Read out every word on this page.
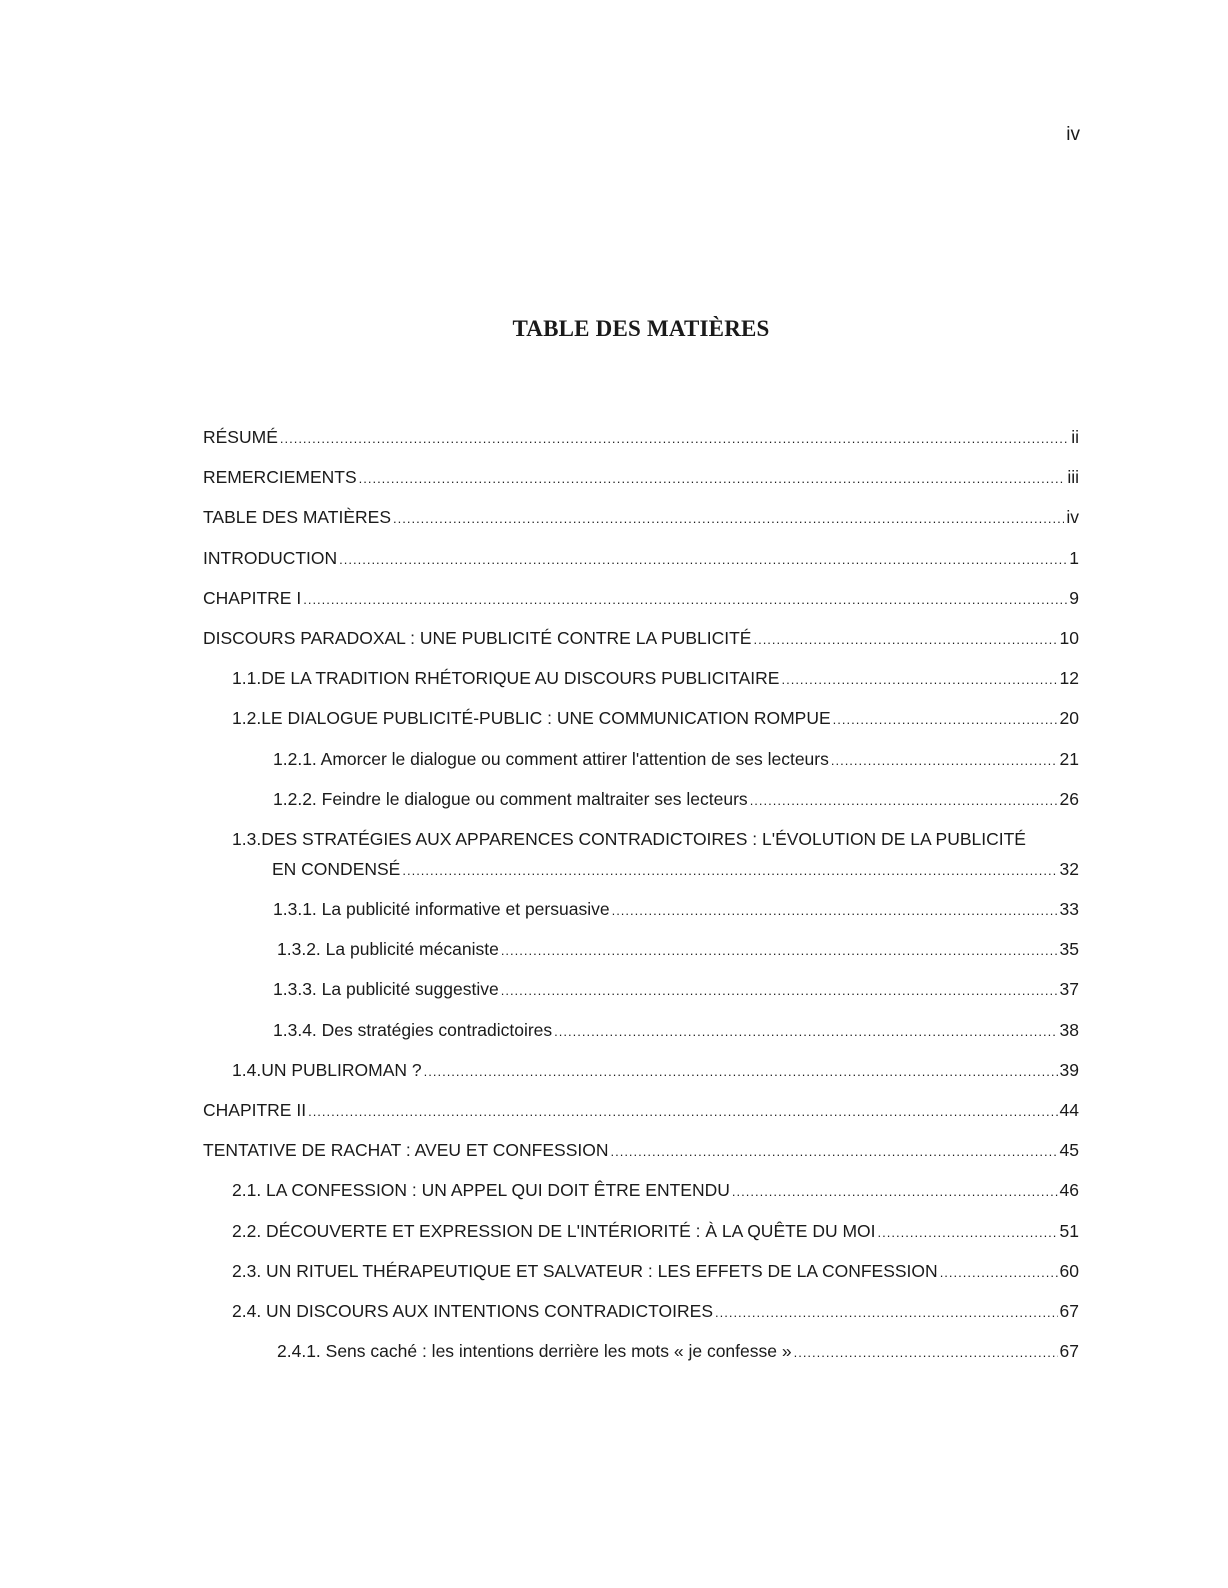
iv
TABLE DES MATIÈRES
RÉSUMÉ .....	ii
REMERCIEMENTS .....	iii
TABLE DES MATIÈRES .....	iv
INTRODUCTION .....	1
CHAPITRE I .....	9
DISCOURS PARADOXAL : UNE PUBLICITÉ CONTRE LA PUBLICITÉ .....	10
1.1.DE LA TRADITION RHÉTORIQUE AU DISCOURS PUBLICITAIRE .....	12
1.2.LE DIALOGUE PUBLICITÉ-PUBLIC : UNE COMMUNICATION ROMPUE .....	20
1.2.1. Amorcer le dialogue ou comment attirer l'attention de ses lecteurs .....	21
1.2.2. Feindre le dialogue ou comment maltraiter ses lecteurs .....	26
1.3.DES STRATÉGIES AUX APPARENCES CONTRADICTOIRES : L'ÉVOLUTION DE LA PUBLICITÉ
EN CONDENSÉ .....	32
1.3.1. La publicité informative et persuasive .....	33
1.3.2. La publicité mécaniste .....	35
1.3.3. La publicité suggestive .....	37
1.3.4. Des stratégies contradictoires .....	38
1.4.UN PUBLIROMAN ? .....	39
CHAPITRE II .....	44
TENTATIVE DE RACHAT : AVEU ET CONFESSION .....	45
2.1. LA CONFESSION : UN APPEL QUI DOIT ÊTRE ENTENDU .....	46
2.2. DÉCOUVERTE ET EXPRESSION DE L'INTÉRIORITÉ : À LA QUÊTE DU MOI .....	51
2.3. UN RITUEL THÉRAPEUTIQUE ET SALVATEUR : LES EFFETS DE LA CONFESSION .....	60
2.4. UN DISCOURS AUX INTENTIONS CONTRADICTOIRES .....	67
2.4.1. Sens caché : les intentions derrière les mots « je confesse » .....	67
